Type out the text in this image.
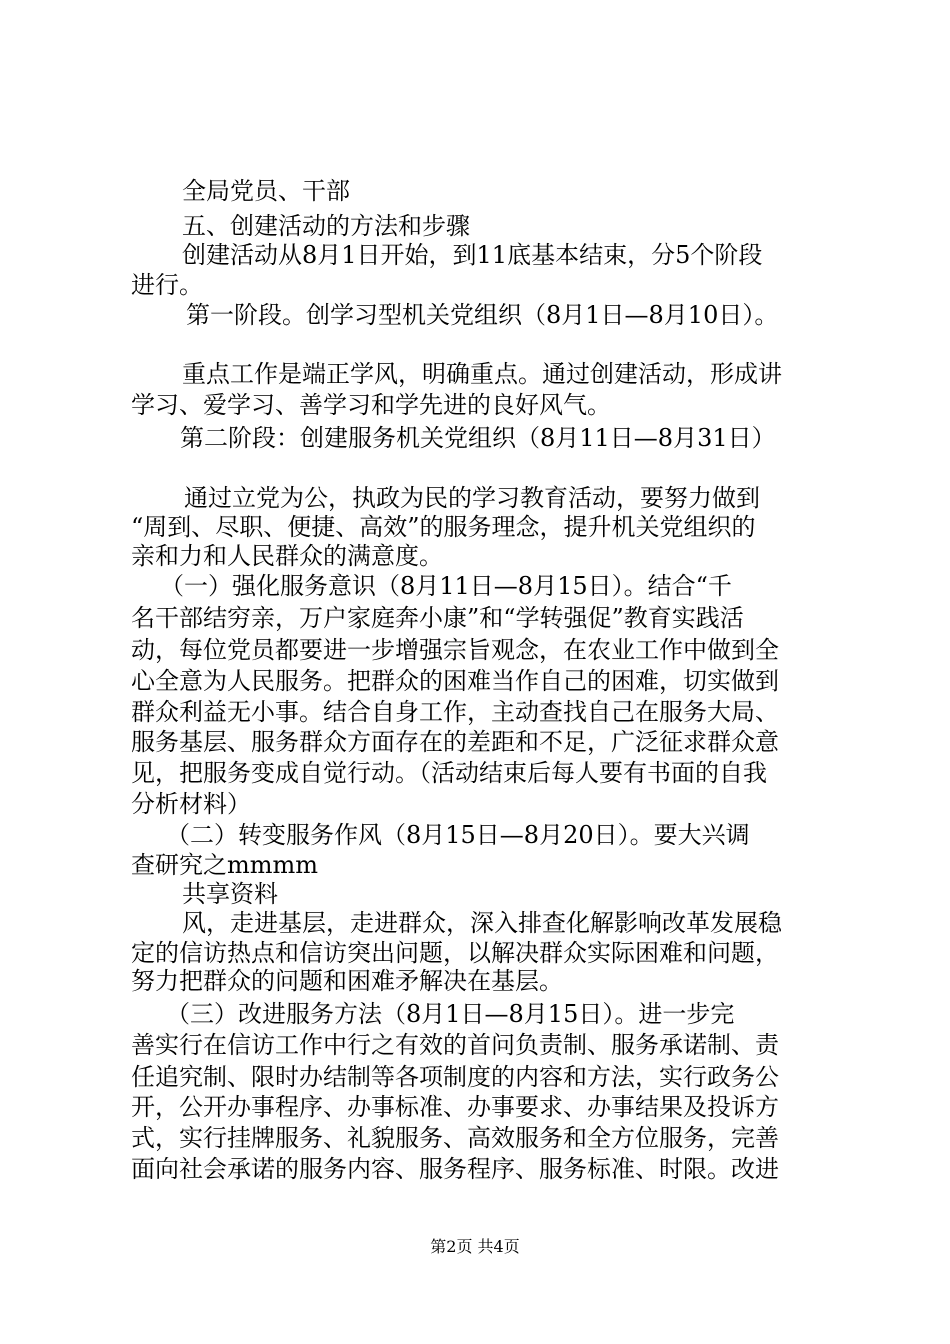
全局党员、干部
五、创建活动的方法和步骤
创建活动从8月1日开始，到11底基本结束，分5个阶段
进行。
第一阶段。创学习型机关党组织（8月1日—8月10日）。
重点工作是端正学风，明确重点。通过创建活动，形成讲
学习、爱学习、善学习和学先进的良好风气。
第二阶段：创建服务机关党组织（8月11日—8月31日）
通过立党为公，执政为民的学习教育活动，要努力做到
“周到、尽职、便捷、高效”的服务理念，提升机关党组织的
亲和力和人民群众的满意度。
（一）强化服务意识（8月11日—8月15日）。结合“千
名干部结穷亲，万户家庭奔小康”和“学转强促”教育实践活
动，每位党员都要进一步增强宗旨观念，在农业工作中做到全
心全意为人民服务。把群众的困难当作自己的困难，切实做到
群众利益无小事。结合自身工作，主动查找自己在服务大局、
服务基层、服务群众方面存在的差距和不足，广泛征求群众意
见，把服务变成自觉行动。（活动结束后每人要有书面的自我
分析材料）
（二）转变服务作风（8月15日—8月20日）。要大兴调
查研究之mmmm
共享资料
风，走进基层，走进群众，深入排查化解影响改革发展稳
定的信访热点和信访突出问题，以解决群众实际困难和问题，
努力把群众的问题和困难矛解决在基层。
（三）改进服务方法（8月1日—8月15日）。进一步完
善实行在信访工作中行之有效的首问负责制、服务承诺制、责
任追究制、限时办结制等各项制度的内容和方法，实行政务公
开，公开办事程序、办事标准、办事要求、办事结果及投诉方
式，实行挂牌服务、礼貌服务、高效服务和全方位服务，完善
面向社会承诺的服务内容、服务程序、服务标准、时限。改进
第2页 共4页
